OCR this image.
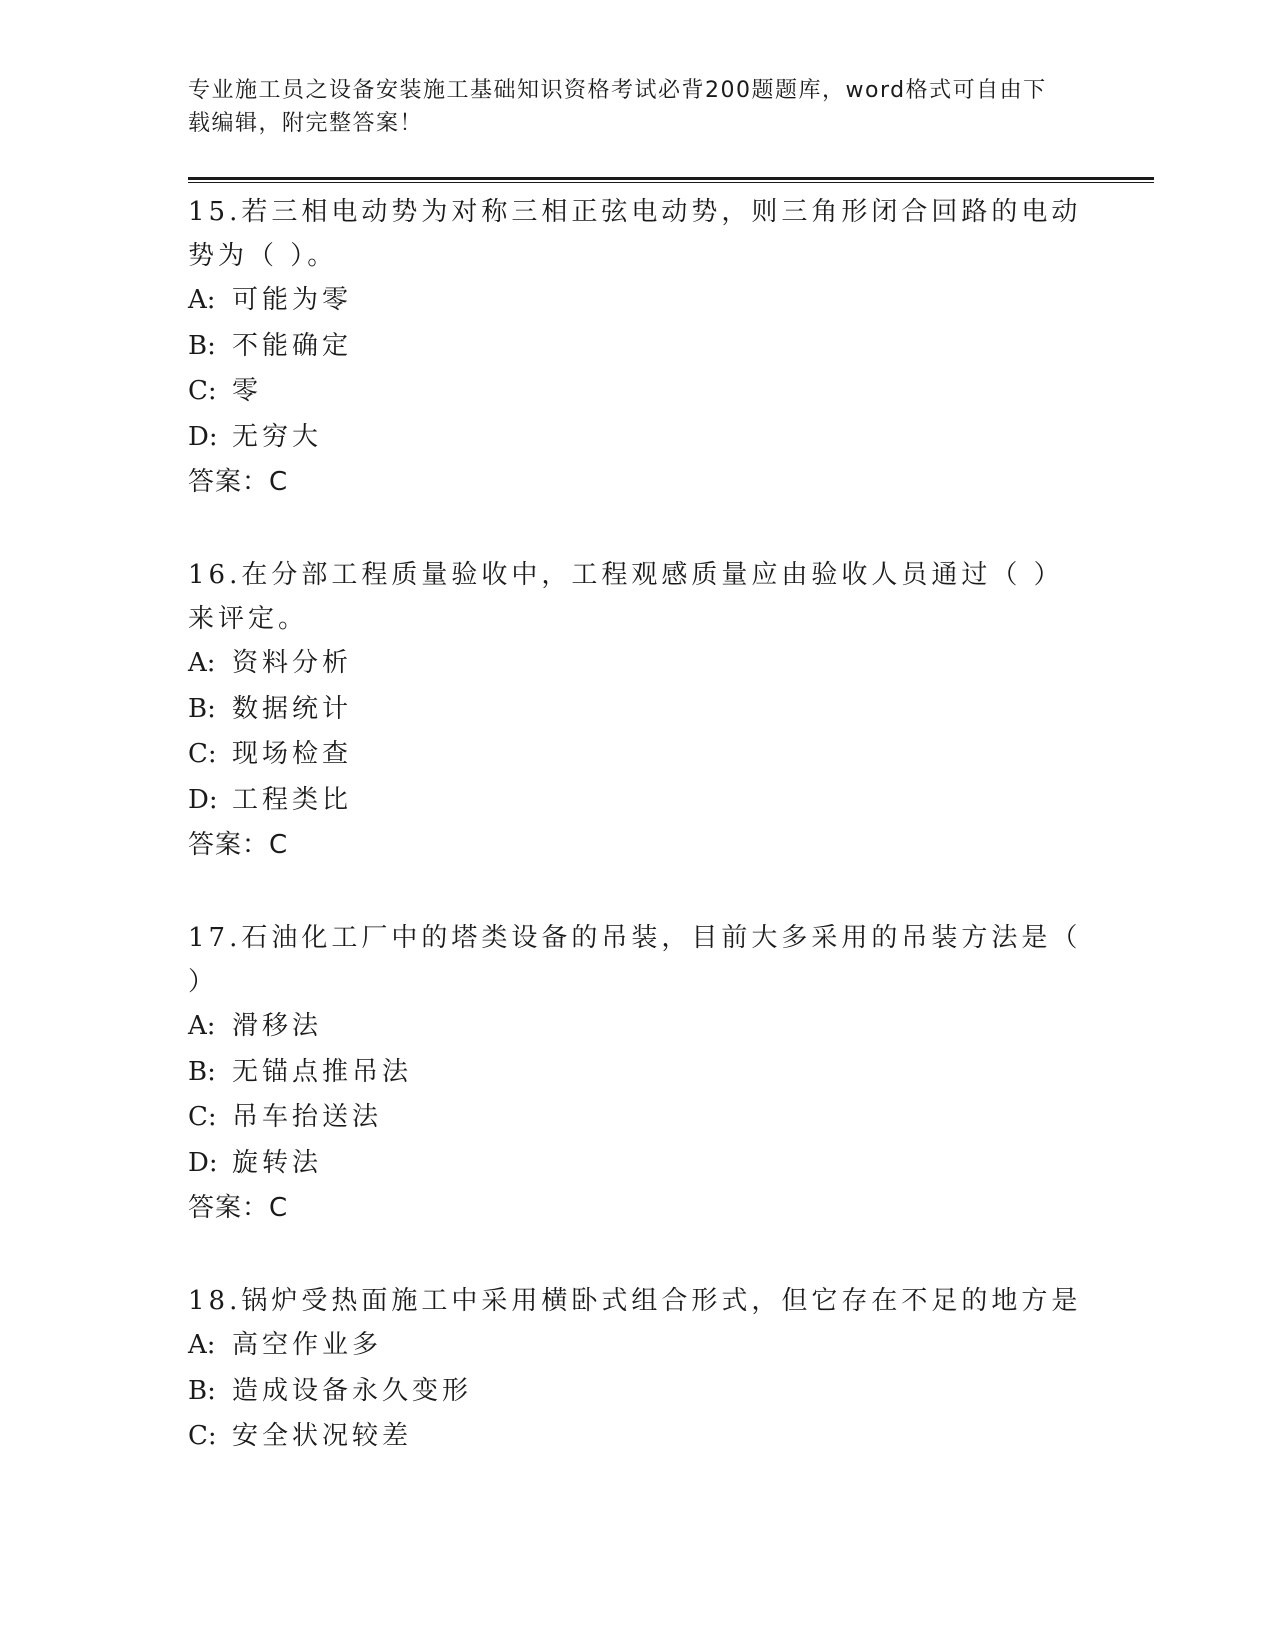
专业施工员之设备安装施工基础知识资格考试必背200题题库，word格式可自由下载编辑，附完整答案！
15.若三相电动势为对称三相正弦电动势，则三角形闭合回路的电动势为（ ）。
A: 可能为零
B: 不能确定
C: 零
D: 无穷大
答案：C
16.在分部工程质量验收中，工程观感质量应由验收人员通过（ ）来评定。
A: 资料分析
B: 数据统计
C: 现场检查
D: 工程类比
答案：C
17.石油化工厂中的塔类设备的吊装，目前大多采用的吊装方法是（ ）
A: 滑移法
B: 无锚点推吊法
C: 吊车抬送法
D: 旋转法
答案：C
18.锅炉受热面施工中采用横卧式组合形式，但它存在不足的地方是
A: 高空作业多
B: 造成设备永久变形
C: 安全状况较差
